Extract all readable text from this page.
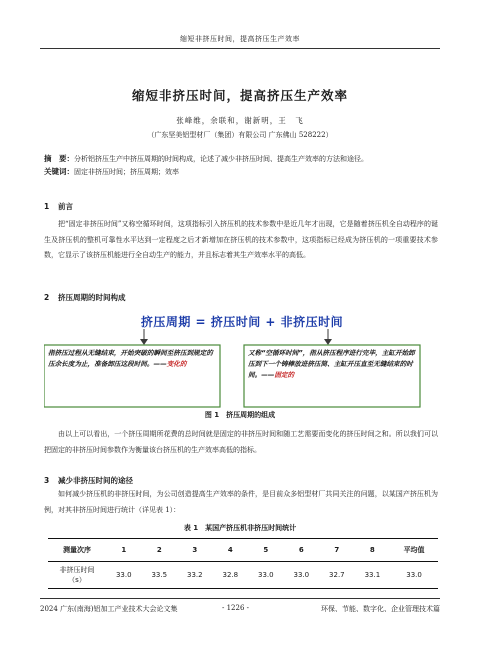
缩短非挤压时间，提高挤压生产效率
缩短非挤压时间，提高挤压生产效率
张峰维，余联和，谢新明，王　飞
（广东坚美铝型材厂（集团）有限公司 广东佛山 528222）
摘　要：分析铝挤压生产中挤压周期的时间构成，论述了减少非挤压时间、提高生产效率的方法和途径。
关键词：固定非挤压时间；挤压周期；效率
1 前言
把“固定非挤压时间”又称空循环时间，这项指标引入挤压机的技术参数中是近几年才出现，它是随着挤压机全自动程序的诞生及挤压机的整机可靠性水平达到一定程度之后才新增加在挤压机的技术参数中，这项指标已经成为挤压机的一项重要技术参数，它显示了该挤压机能进行全自动生产的能力，并且标志着其生产效率水平的高低。
2 挤压周期的时间构成
挤压周期 = 挤压时间 + 非挤压时间
指挤压过程从无缝结束，开始突破的瞬间至挤压到规定的压余长度为止，准备卸压这段时间。——变化的
又称“空循环时间”，指从挤压程序进行完毕，主缸开始卸压到下一个铸棒放进挤压筒、主缸开压直至无缝结束的时间。——固定的
图 1　挤压周期的组成
由以上可以看出，一个挤压周期所花费的总时间就是固定的非挤压时间和随工艺需要而变化的挤压时间之和。所以我们可以把固定的非挤压时间参数作为衡量该台挤压机的生产效率高低的指标。
3 减少非挤压时间的途径
如何减少挤压机的非挤压时间，为公司创造提高生产效率的条件，是目前众多铝型材厂共同关注的问题，以某国产挤压机为例，对其非挤压时间进行统计（详见表 1）：
表 1　某国产挤压机非挤压时间统计
测量次序	1	2	3	4	5	6	7	8	平均值
非挤压时间
（s）	33.0	33.5	33.2	32.8	33.0	33.0	32.7	33.1	33.0
2024 广东(南海)铝加工产业技术大会论文集	- 1226 -	环保、节能、数字化、企业管理技术篇
